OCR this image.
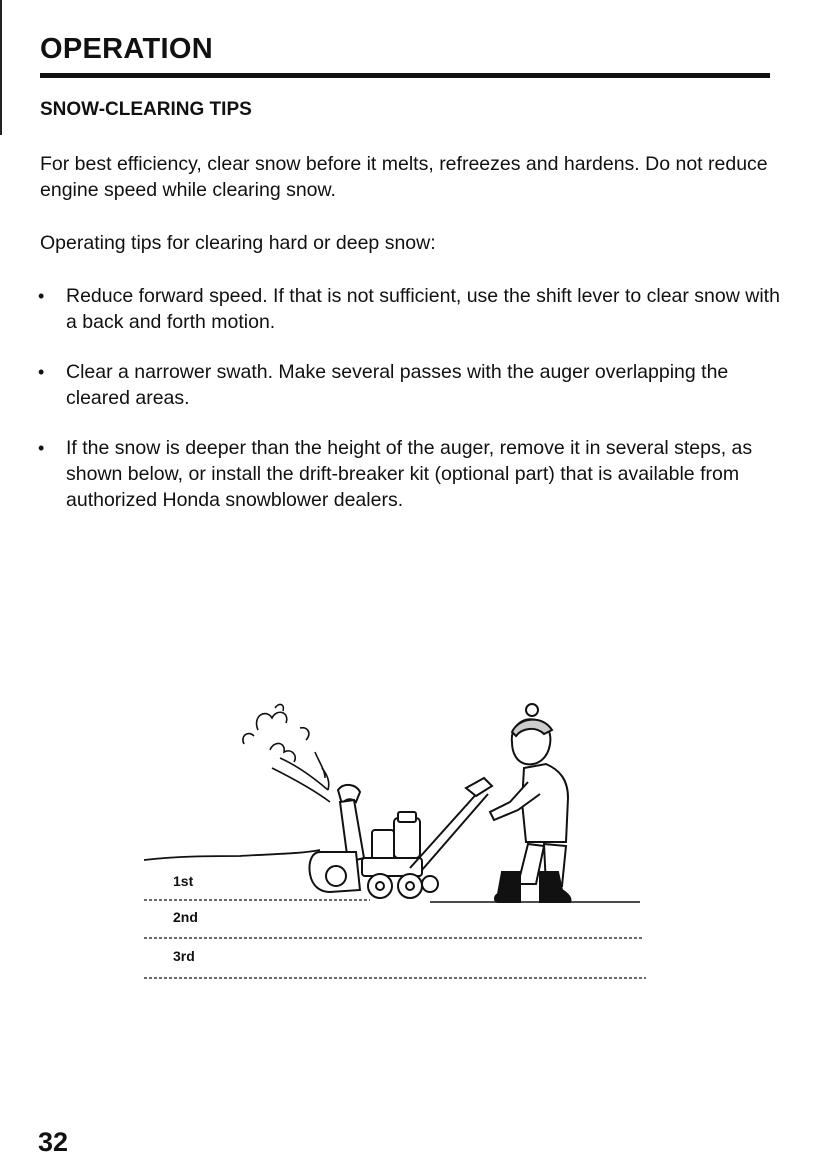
OPERATION
SNOW-CLEARING TIPS

For best efficiency, clear snow before it melts, refreezes and hardens. Do not reduce engine speed while clearing snow.

Operating tips for clearing hard or deep snow:

• Reduce forward speed. If that is not sufficient, use the shift lever to clear snow with a back and forth motion.
• Clear a narrower swath. Make several passes with the auger overlapping the cleared areas.
• If the snow is deeper than the height of the auger, remove it in several steps, as shown below, or install the drift-breaker kit (optional part) that is available from authorized Honda snowblower dealers.
1st
2nd
3rd

32
